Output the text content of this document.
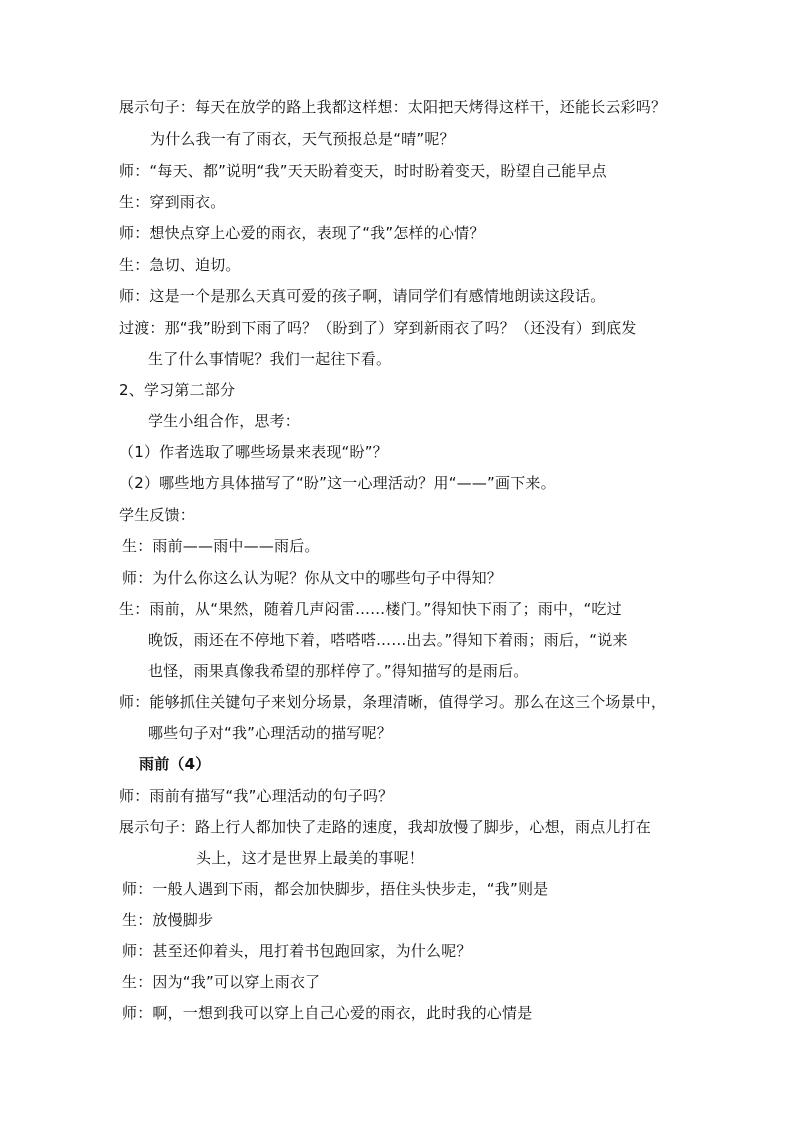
展示句子：每天在放学的路上我都这样想：太阳把天烤得这样干，还能长云彩吗？
为什么我一有了雨衣，天气预报总是“晴”呢？
师：“每天、都”说明“我”天天盼着变天，时时盼着变天，盼望自己能早点
生：穿到雨衣。
师：想快点穿上心爱的雨衣，表现了“我”怎样的心情？
生：急切、迫切。
师：这是一个是那么天真可爱的孩子啊，请同学们有感情地朗读这段话。
过渡：那“我”盼到下雨了吗？（盼到了）穿到新雨衣了吗？（还没有）到底发
生了什么事情呢？我们一起往下看。
2、学习第二部分
学生小组合作，思考：
（1）作者选取了哪些场景来表现“盼”？
（2）哪些地方具体描写了“盼”这一心理活动？用“——”画下来。
学生反馈：
生：雨前——雨中——雨后。
师：为什么你这么认为呢？你从文中的哪些句子中得知？
生：雨前，从“果然，随着几声闷雷……楼门。”得知快下雨了；雨中，“吃过
晚饭，雨还在不停地下着，嗒嗒嗒……出去。”得知下着雨；雨后，“说来
也怪，雨果真像我希望的那样停了。”得知描写的是雨后。
师：能够抓住关键句子来划分场景，条理清晰，值得学习。那么在这三个场景中，
哪些句子对“我”心理活动的描写呢？
雨前（4）
师：雨前有描写“我”心理活动的句子吗？
展示句子：路上行人都加快了走路的速度，我却放慢了脚步，心想，雨点儿打在
头上，这才是世界上最美的事呢！
师：一般人遇到下雨，都会加快脚步，捂住头快步走，“我”则是
生：放慢脚步
师：甚至还仰着头，甩打着书包跑回家，为什么呢？
生：因为“我”可以穿上雨衣了
师：啊，一想到我可以穿上自己心爱的雨衣，此时我的心情是
